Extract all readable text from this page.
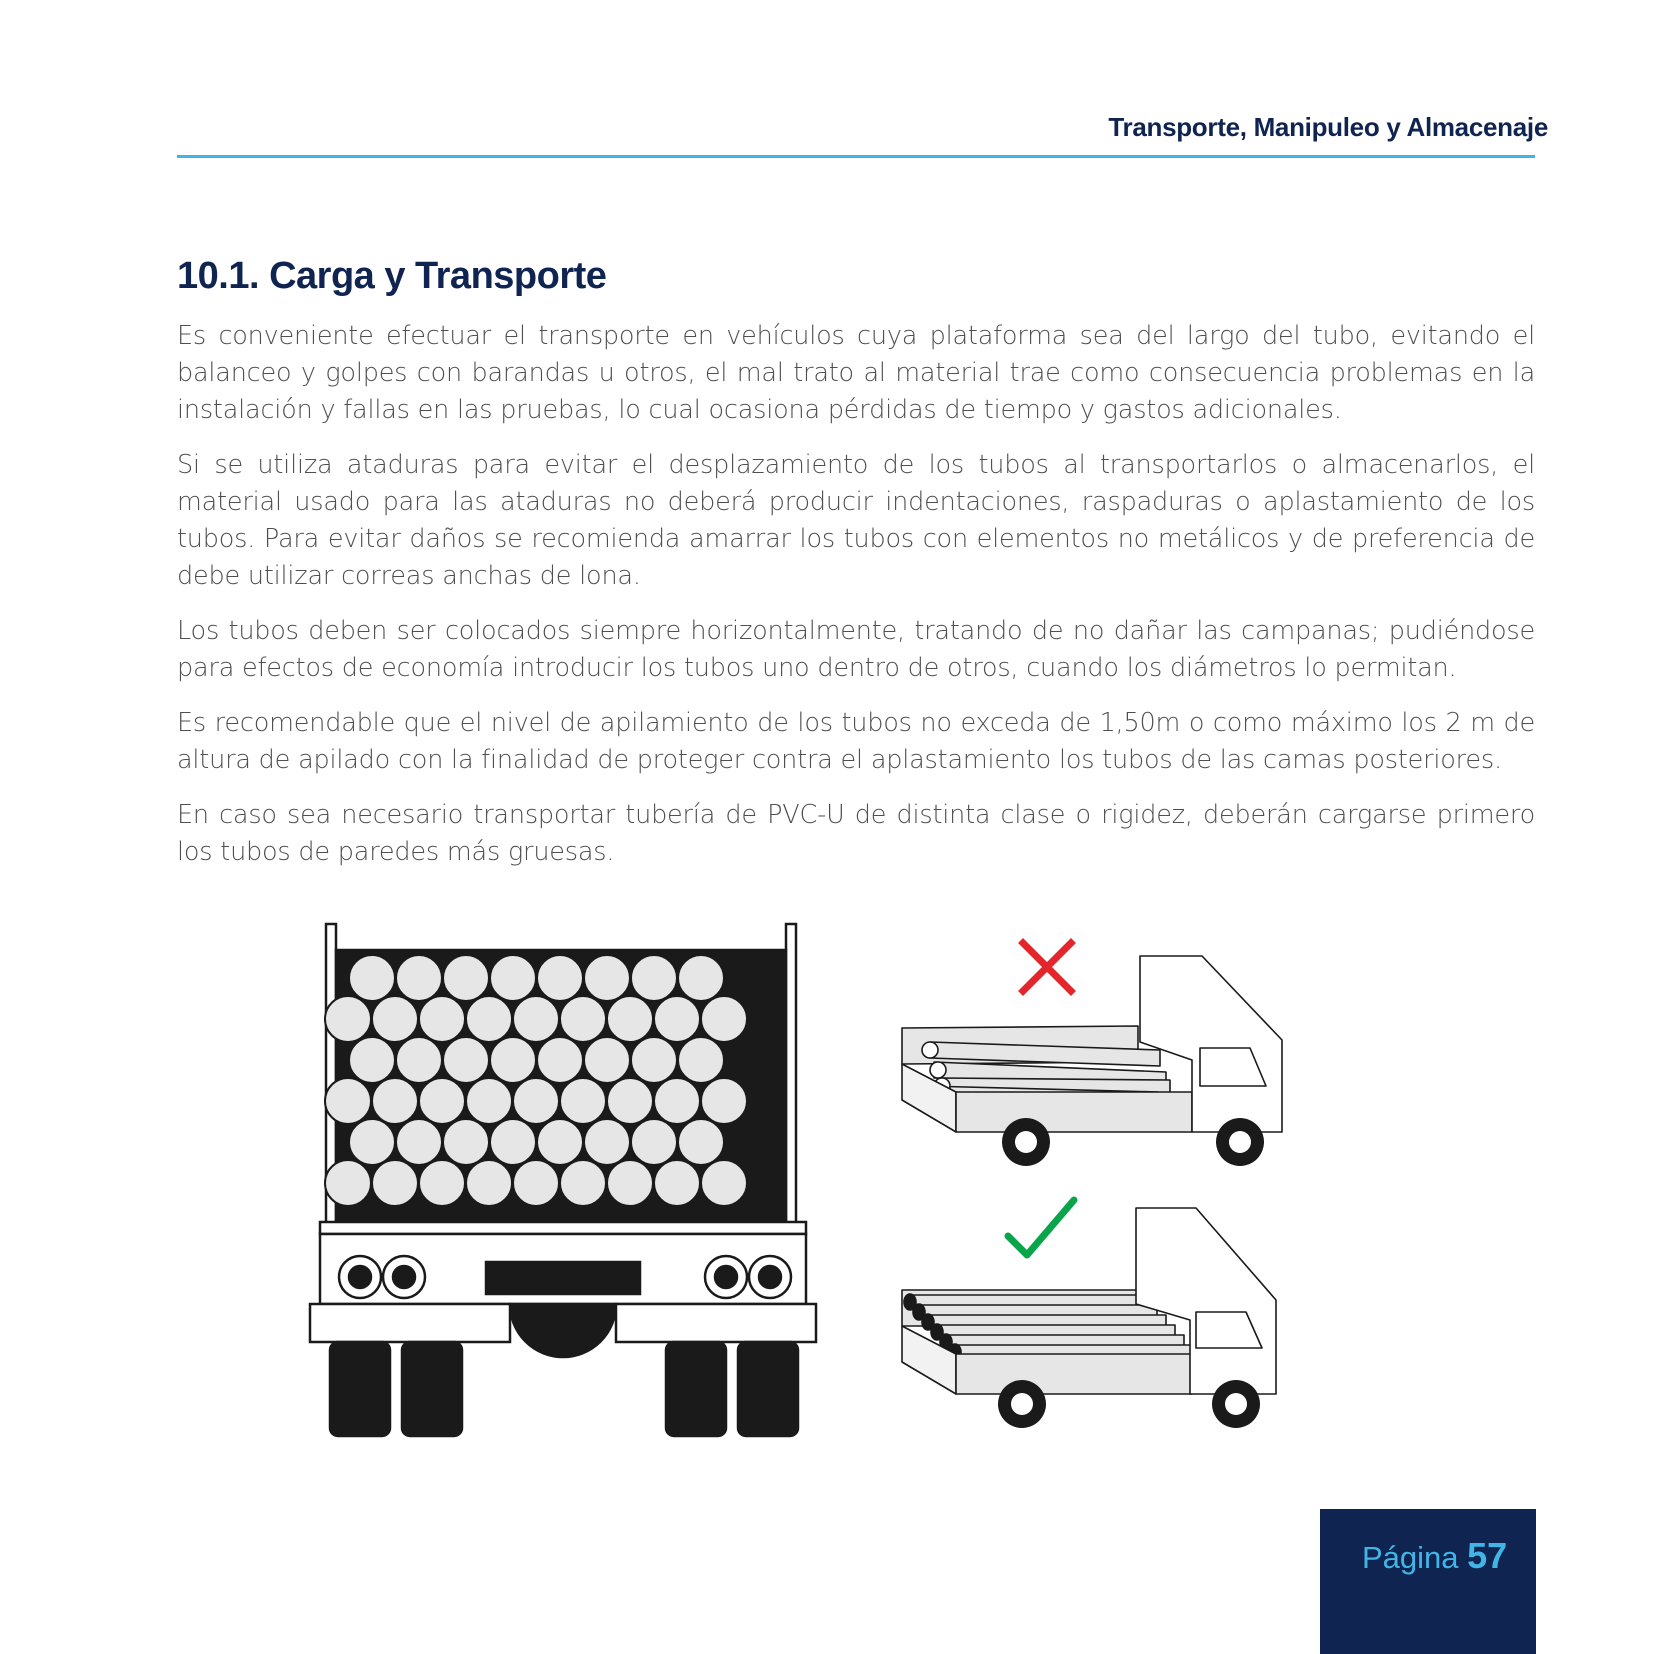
Transporte, Manipuleo y Almacenaje
10.1. Carga y Transporte

Es conveniente efectuar el transporte en vehículos cuya plataforma sea del largo del tubo, evitando el balanceo y golpes con barandas u otros, el mal trato al material trae como consecuencia problemas en la instalación y fallas en las pruebas, lo cual ocasiona pérdidas de tiempo y gastos adicionales.

Si se utiliza ataduras para evitar el desplazamiento de los tubos al transportarlos o almacenarlos, el material usado para las ataduras no deberá producir indentaciones, raspaduras o aplastamiento de los tubos. Para evitar daños se recomienda amarrar los tubos con elementos no metálicos y de preferencia de debe utilizar correas anchas de lona.

Los tubos deben ser colocados siempre horizontalmente, tratando de no dañar las campanas; pudiéndose para efectos de economía introducir los tubos uno dentro de otros, cuando los diámetros lo permitan.

Es recomendable que el nivel de apilamiento de los tubos no exceda de 1,50m o como máximo los 2 m de altura de apilado con la finalidad de proteger contra el aplastamiento los tubos de las camas posteriores.

En caso sea necesario transportar tubería de PVC-U de distinta clase o rigidez, deberán cargarse primero los tubos de paredes más gruesas.

Página 57
